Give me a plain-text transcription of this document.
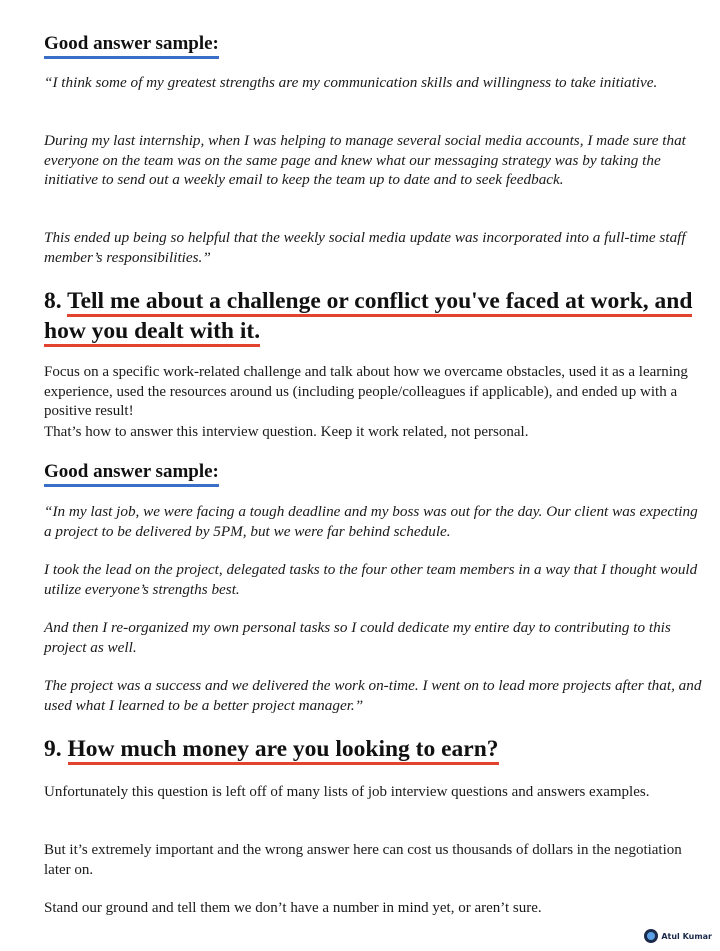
Good answer sample:

“I think some of my greatest strengths are my communication skills and willingness to take initiative.

During my last internship, when I was helping to manage several social media accounts, I made sure that everyone on the team was on the same page and knew what our messaging strategy was by taking the initiative to send out a weekly email to keep the team up to date and to seek feedback.

This ended up being so helpful that the weekly social media update was incorporated into a full-time staff member’s responsibilities.”

8. Tell me about a challenge or conflict you've faced at work, and how you dealt with it.

Focus on a specific work-related challenge and talk about how we overcame obstacles, used it as a learning experience, used the resources around us (including people/colleagues if applicable), and ended up with a positive result!

That’s how to answer this interview question. Keep it work related, not personal.

Good answer sample:

“In my last job, we were facing a tough deadline and my boss was out for the day. Our client was expecting a project to be delivered by 5PM, but we were far behind schedule.

I took the lead on the project, delegated tasks to the four other team members in a way that I thought would utilize everyone’s strengths best.

And then I re-organized my own personal tasks so I could dedicate my entire day to contributing to this project as well.

The project was a success and we delivered the work on-time. I went on to lead more projects after that, and used what I learned to be a better project manager.”

9. How much money are you looking to earn?

Unfortunately this question is left off of many lists of job interview questions and answers examples.

But it’s extremely important and the wrong answer here can cost us thousands of dollars in the negotiation later on.

Stand our ground and tell them we don’t have a number in mind yet, or aren’t sure.

Atul Kumar
